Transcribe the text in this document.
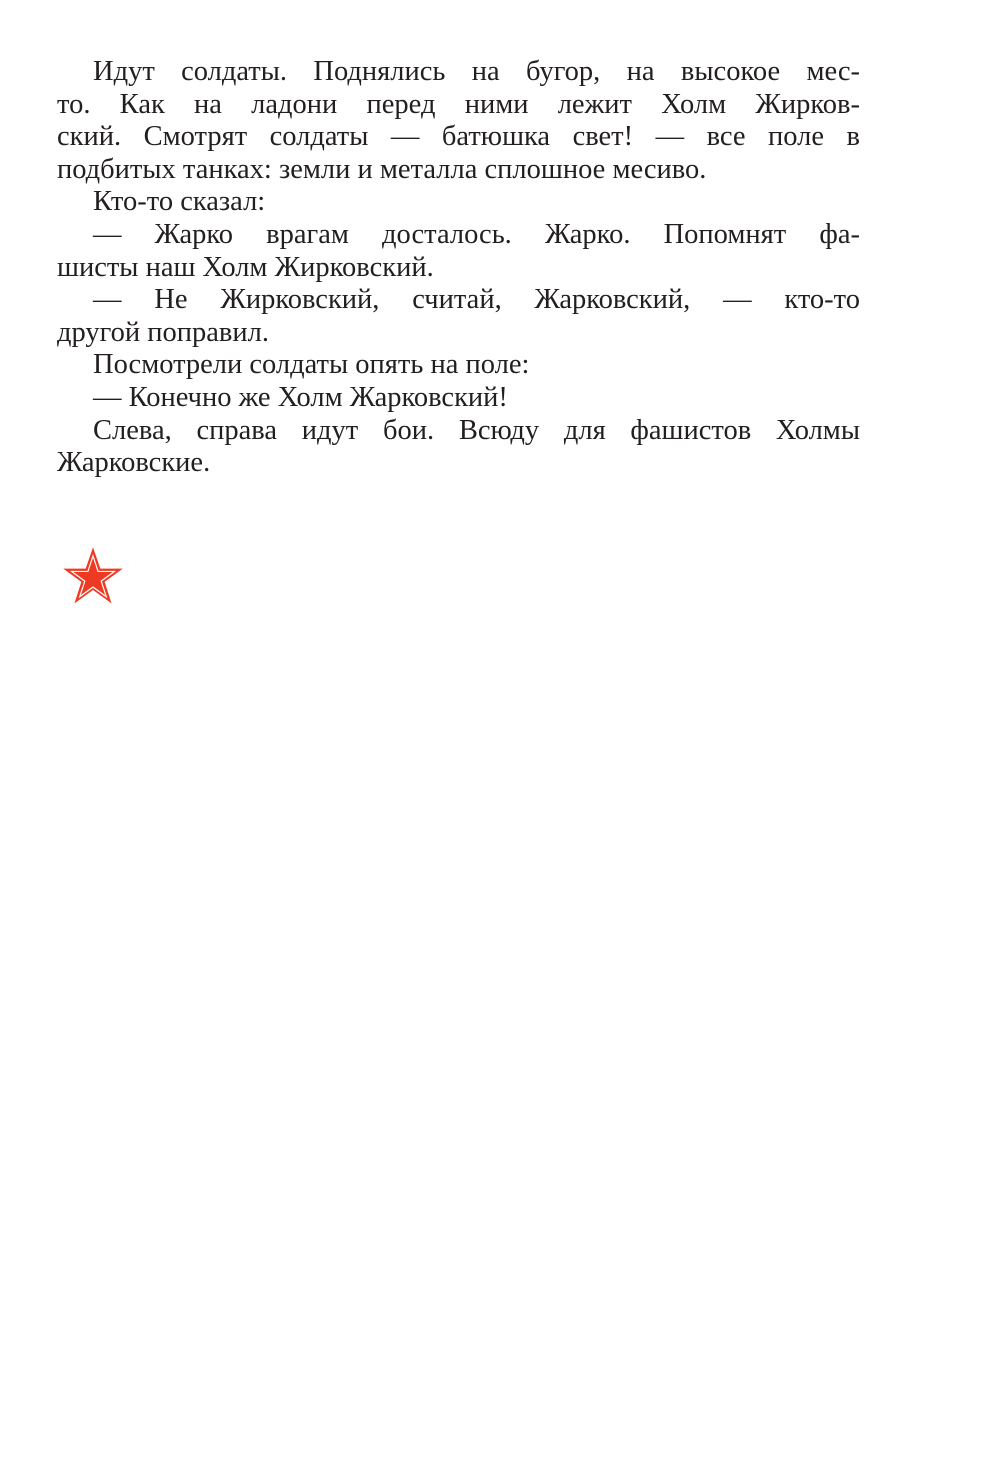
Идут солдаты. Поднялись на бугор, на высокое мес-
то. Как на ладони перед ними лежит Холм Жирков-
ский. Смотрят солдаты — батюшка свет! — все поле в
подбитых танках: земли и металла сплошное месиво.
Кто-то сказал:
— Жарко врагам досталось. Жарко. Попомнят фа-
шисты наш Холм Жирковский.
— Не Жирковский, считай, Жарковский, — кто-то
другой поправил.
Посмотрели солдаты опять на поле:
— Конечно же Холм Жарковский!
Слева, справа идут бои. Всюду для фашистов Холмы
Жарковские.
